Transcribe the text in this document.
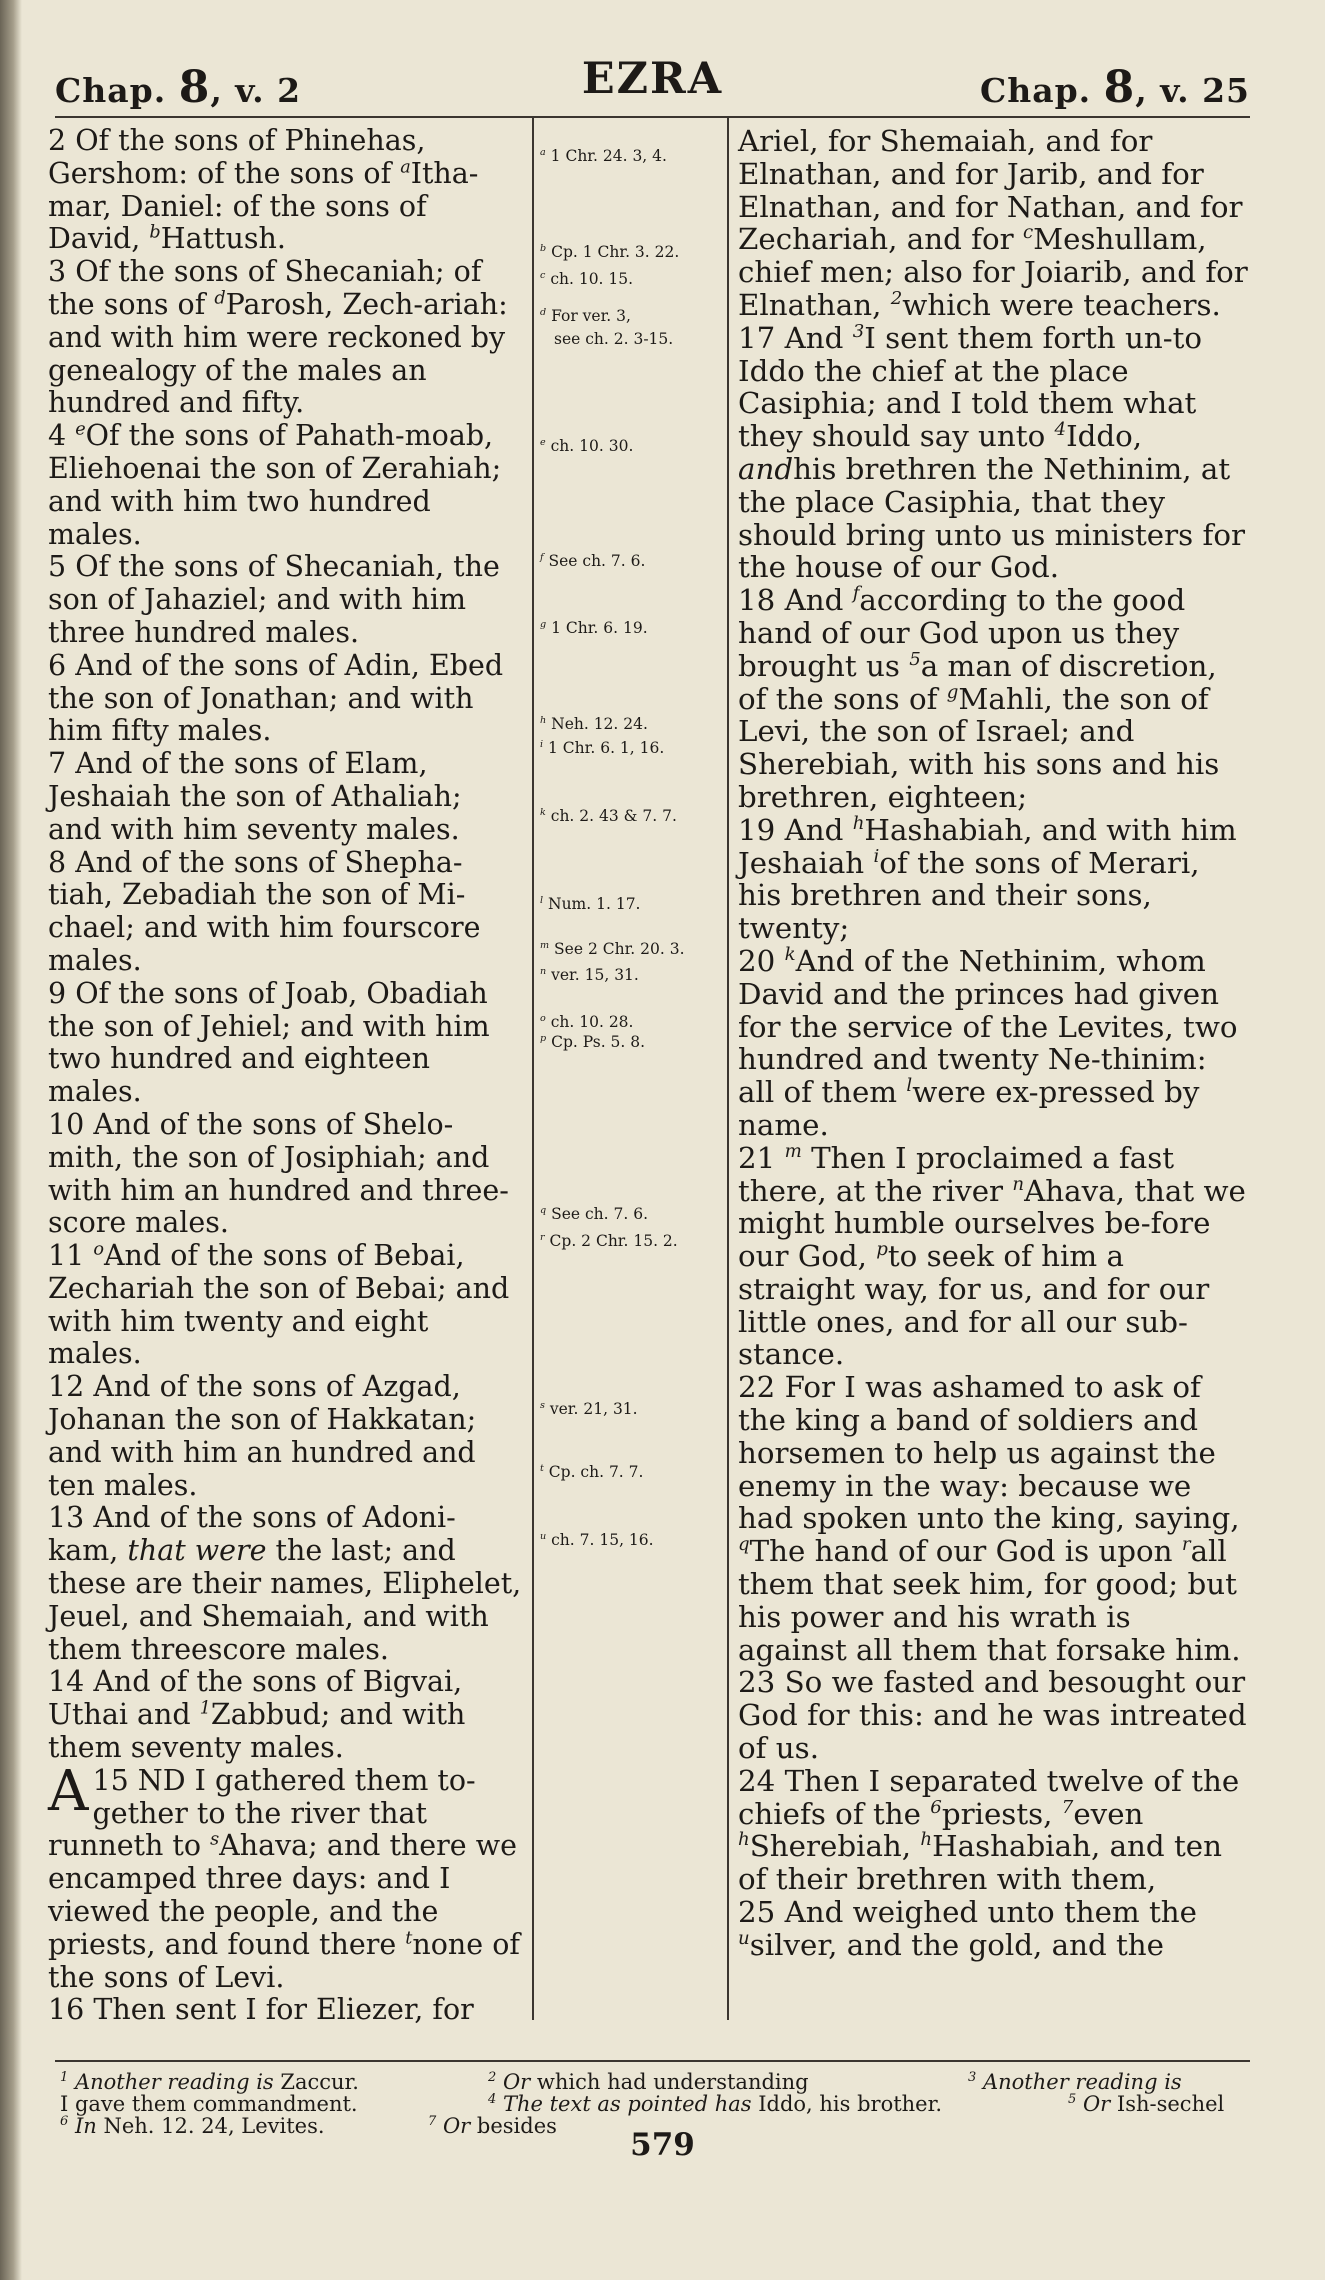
Chap. 8, v. 2	EZRA	Chap. 8, v. 25

2 Of the sons of Phinehas, Gershom: of the sons of $^a$Itha-mar, Daniel: of the sons of David, $^b$Hattush.

3 Of the sons of Shecaniah; of the sons of $^d$Parosh, Zech-ariah: and with him were reckoned by genealogy of the males an hundred and fifty.

4 $^e$Of the sons of Pahath-moab, Eliehoenai the son of Zerahiah; and with him two hundred males.

5 Of the sons of Shecaniah, the son of Jahaziel; and with him three hundred males.

6 And of the sons of Adin, Ebed the son of Jonathan; and with him fifty males.

7 And of the sons of Elam, Jeshaiah the son of Athaliah; and with him seventy males.

8 And of the sons of Shepha-tiah, Zebadiah the son of Mi-chael; and with him fourscore males.

9 Of the sons of Joab, Obadiah the son of Jehiel; and with him two hundred and eighteen males.

10 And of the sons of Shelo-mith, the son of Josiphiah; and with him an hundred and three-score males.

11 $^o$And of the sons of Bebai, Zechariah the son of Bebai; and with him twenty and eight males.

12 And of the sons of Azgad, Johanan the son of Hakkatan; and with him an hundred and ten males.

13 And of the sons of Adoni-kam, that were the last; and these are their names, Eliphelet, Jeuel, and Shemaiah, and with them threescore males.

14 And of the sons of Bigvai, Uthai and $^1$Zabbud; and with them seventy males.

15
A ND I gathered them to-gether to the river that runneth to $^s$Ahava; and there we encamped three days: and I viewed the people, and the priests, and found there $^t$none of the sons of Levi.

16 Then sent I for Eliezer, for

$^a$ 1 Chr. 24. 3, 4.
$^b$ Cp. 1 Chr. 3. 22.
$^c$ ch. 10. 15.
$^d$ For ver. 3,
see ch. 2. 3-15.
$^e$ ch. 10. 30.
$^f$ See ch. 7. 6.
$^g$ 1 Chr. 6. 19.
$^h$ Neh. 12. 24.
$^i$ 1 Chr. 6. 1, 16.
$^k$ ch. 2. 43 & 7. 7.
$^l$ Num. 1. 17.
$^m$ See 2 Chr. 20. 3.
$^n$ ver. 15, 31.
$^o$ ch. 10. 28.
$^p$ Cp. Ps. 5. 8.
$^q$ See ch. 7. 6.
$^r$ Cp. 2 Chr. 15. 2.
$^s$ ver. 21, 31.
$^t$ Cp. ch. 7. 7.
$^u$ ch. 7. 15, 16.

Ariel, for Shemaiah, and for Elnathan, and for Jarib, and for Elnathan, and for Nathan, and for Zechariah, and for $^c$Meshullam, chief men; also for Joiarib, and for Elnathan, $^2$which were teachers.

17 And $^3$I sent them forth un-to Iddo the chief at the place Casiphia; and I told them what they should say unto $^4$Iddo, andhis brethren the Nethinim, at the place Casiphia, that they should bring unto us ministers for the house of our God.

18 And $^f$according to the good hand of our God upon us they brought us $^5$a man of discretion, of the sons of $^g$Mahli, the son of Levi, the son of Israel; and Sherebiah, with his sons and his brethren, eighteen;

19 And $^h$Hashabiah, and with him Jeshaiah $^i$of the sons of Merari, his brethren and their sons, twenty;

20 $^k$And of the Nethinim, whom David and the princes had given for the service of the Levites, two hundred and twenty Ne-thinim: all of them $^l$were ex-pressed by name.

21 $^m$ Then I proclaimed a fast there, at the river $^n$Ahava, that we might humble ourselves be-fore our God, $^p$to seek of him a straight way, for us, and for our little ones, and for all our sub-stance.

22 For I was ashamed to ask of the king a band of soldiers and horsemen to help us against the enemy in the way: because we had spoken unto the king, saying, $^q$The hand of our God is upon $^r$all them that seek him, for good; but his power and his wrath is against all them that forsake him.

23 So we fasted and besought our God for this: and he was intreated of us.

24 Then I separated twelve of the chiefs of the $^6$priests, $^7$even $^h$Sherebiah, $^h$Hashabiah, and ten of their brethren with them,

25 And weighed unto them the $^u$silver, and the gold, and the

$^1$ Another reading is Zaccur.	$^2$ Or which had understanding	$^3$ Another reading is
I gave them commandment.	$^4$ The text as pointed has Iddo, his brother.	$^5$ Or Ish-sechel
$^6$ In Neh. 12. 24, Levites.	$^7$ Or besides
579
